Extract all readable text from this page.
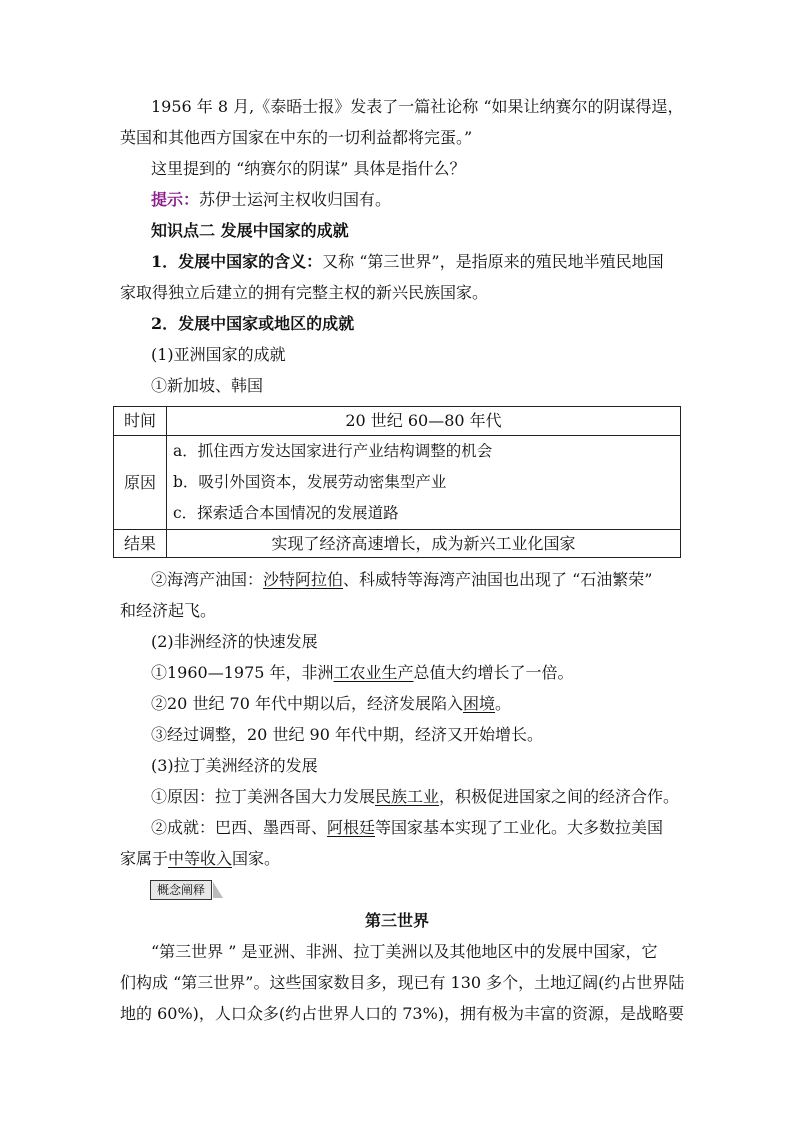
1956 年 8 月,《泰晤士报》发表了一篇社论称 “如果让纳赛尔的阴谋得逞，
英国和其他西方国家在中东的一切利益都将完蛋。”
这里提到的 “纳赛尔的阴谋” 具体是指什么？
提示：苏伊士运河主权收归国有。
知识点二 发展中国家的成就
1．发展中国家的含义：又称 “第三世界”，是指原来的殖民地半殖民地国
家取得独立后建立的拥有完整主权的新兴民族国家。
2．发展中国家或地区的成就
(1)亚洲国家的成就
①新加坡、韩国
时间	20 世纪 60—80 年代
原因	a．抓住西方发达国家进行产业结构调整的机会
b．吸引外国资本，发展劳动密集型产业
c．探索适合本国情况的发展道路

结果	实现了经济高速增长，成为新兴工业化国家
②海湾产油国：沙特阿拉伯、科威特等海湾产油国也出现了 “石油繁荣”
和经济起飞。
(2)非洲经济的快速发展
①1960—1975 年，非洲工农业生产总值大约增长了一倍。
②20 世纪 70 年代中期以后，经济发展陷入困境。
③经过调整，20 世纪 90 年代中期，经济又开始增长。
(3)拉丁美洲经济的发展
①原因：拉丁美洲各国大力发展民族工业，积极促进国家之间的经济合作。
②成就：巴西、墨西哥、阿根廷等国家基本实现了工业化。大多数拉美国
家属于中等收入国家。
概念阐释
第三世界
“第三世界 ” 是亚洲、非洲、拉丁美洲以及其他地区中的发展中国家，它
们构成 “第三世界”。这些国家数目多，现已有 130 多个，土地辽阔(约占世界陆
地的 60%)，人口众多(约占世界人口的 73%)，拥有极为丰富的资源，是战略要
